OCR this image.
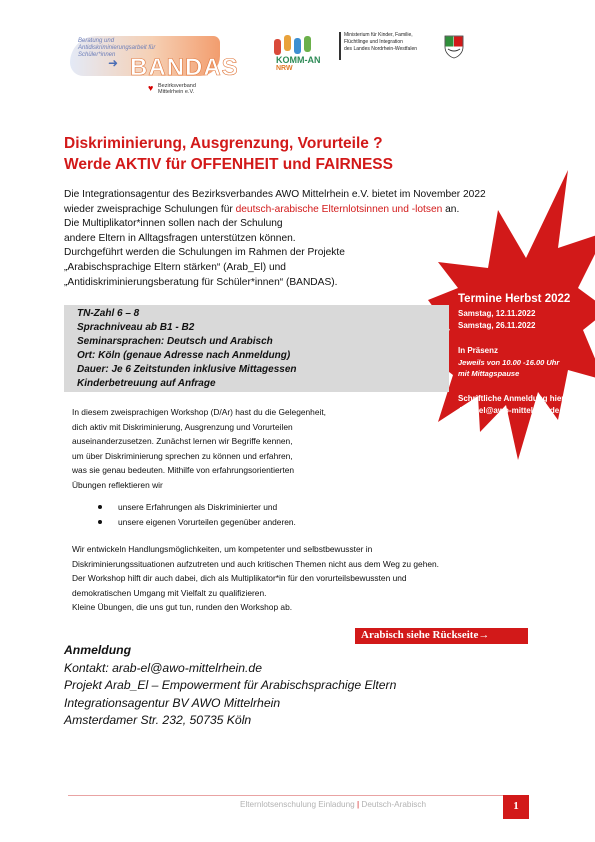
Beratung und Antidiskriminierungsarbeit für Schüler*innen
➜ BANDAS
♥ Bezirksverband
Mittelrhein e.V.
KOMM-AN
NRW
Ministerium für Kinder, Familie,
Flüchtlinge und Integration
des Landes Nordrhein-Westfalen
Diskriminierung, Ausgrenzung, Vorurteile ?
Werde AKTIV für OFFENHEIT und FAIRNESS
Die Integrationsagentur des Bezirksverbandes AWO Mittelrhein e.V. bietet im November 2022
wieder zweisprachige Schulungen für deutsch-arabische Elternlotsinnen und -lotsen an.
Die Multiplikator*innen sollen nach der Schulung
andere Eltern in Alltagsfragen unterstützen können.
Durchgeführt werden die Schulungen im Rahmen der Projekte
„Arabischsprachige Eltern stärken“ (Arab_El) und
„Antidiskriminierungsberatung für Schüler*innen“ (BANDAS).
TN-Zahl 6 – 8
Sprachniveau ab B1 - B2
Seminarsprachen: Deutsch und Arabisch
Ort: Köln (genaue Adresse nach Anmeldung)
Dauer: Je 6 Zeitstunden inklusive Mittagessen
Kinderbetreuung auf Anfrage
Termine Herbst 2022
Samstag, 12.11.2022
Samstag, 26.11.2022
In Präsenz
Jeweils von 10.00 -16.00 Uhr
mit Mittagspause
Schriftliche Anmeldung hier:
Arab-el@awo-mittelrein.de
In diesem zweisprachigen Workshop (D/Ar) hast du die Gelegenheit,
dich aktiv mit Diskriminierung, Ausgrenzung und Vorurteilen
auseinanderzusetzen. Zunächst lernen wir Begriffe kennen,
um über Diskriminierung sprechen zu können und erfahren,
was sie genau bedeuten. Mithilfe von erfahrungsorientierten
Übungen reflektieren wir
unsere Erfahrungen als Diskriminierter und
unsere eigenen Vorurteilen gegenüber anderen.
Wir entwickeln Handlungsmöglichkeiten, um kompetenter und selbstbewusster in
Diskriminierungssituationen aufzutreten und auch kritischen Themen nicht aus dem Weg zu gehen.
Der Workshop hilft dir auch dabei, dich als Multiplikator*in für den vorurteilsbewussten und
demokratischen Umgang mit Vielfalt zu qualifizieren.
Kleine Übungen, die uns gut tun, runden den Workshop ab.
Arabisch siehe Rückseite→
Anmeldung
Kontakt: arab-el@awo-mittelrhein.de
Projekt Arab_El – Empowerment für Arabischsprachige Eltern
Integrationsagentur BV AWO Mittelrhein
Amsterdamer Str. 232, 50735 Köln
Elternlotsenschulung Einladung | Deutsch-Arabisch	1
